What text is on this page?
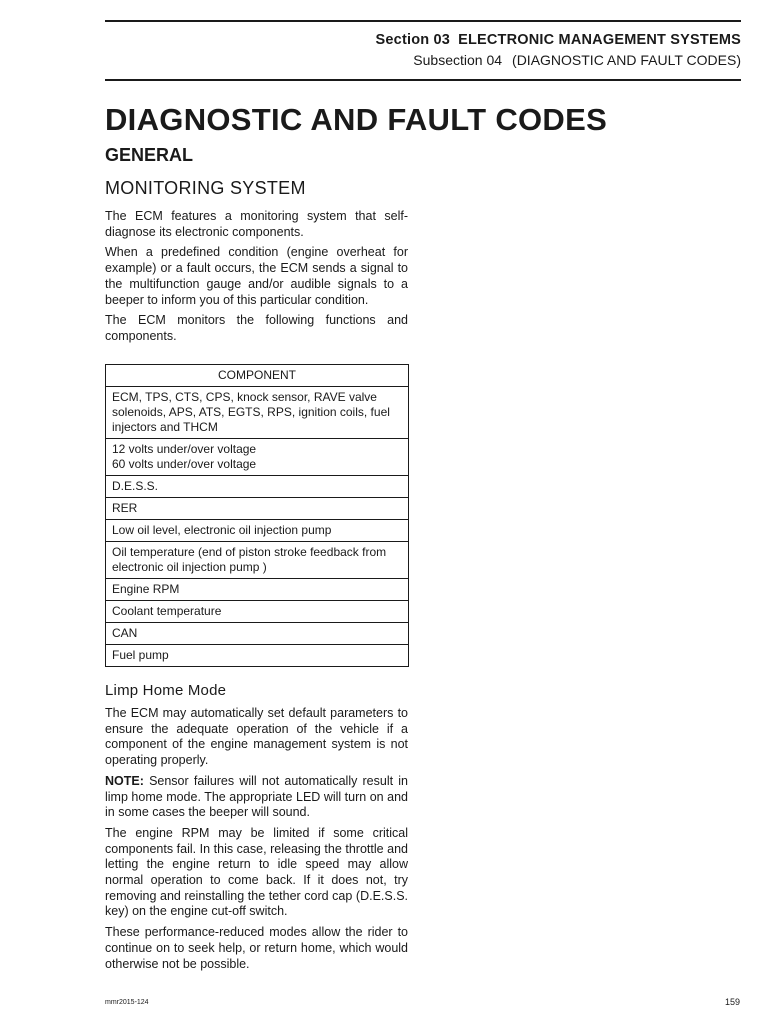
Section 03 ELECTRONIC MANAGEMENT SYSTEMS
Subsection 04 (DIAGNOSTIC AND FAULT CODES)
DIAGNOSTIC AND FAULT CODES
GENERAL
MONITORING SYSTEM

The ECM features a monitoring system that self-diagnose its electronic components.

When a predefined condition (engine overheat for example) or a fault occurs, the ECM sends a signal to the multifunction gauge and/or audible signals to a beeper to inform you of this particular condition.

The ECM monitors the following functions and components.

COMPONENT
ECM, TPS, CTS, CPS, knock sensor, RAVE valve solenoids, APS, ATS, EGTS, RPS, ignition coils, fuel injectors and THCM
12 volts under/over voltage
60 volts under/over voltage
D.E.S.S.
RER
Low oil level, electronic oil injection pump
Oil temperature (end of piston stroke feedback from electronic oil injection pump )
Engine RPM
Coolant temperature
CAN
Fuel pump
Limp Home Mode

The ECM may automatically set default parameters to ensure the adequate operation of the vehicle if a component of the engine management system is not operating properly.

NOTE: Sensor failures will not automatically result in limp home mode. The appropriate LED will turn on and in some cases the beeper will sound.

The engine RPM may be limited if some critical components fail. In this case, releasing the throttle and letting the engine return to idle speed may allow normal operation to come back. If it does not, try removing and reinstalling the tether cord cap (D.E.S.S. key) on the engine cut-off switch.

These performance-reduced modes allow the rider to continue on to seek help, or return home, which would otherwise not be possible.

mmr2015-124	159
